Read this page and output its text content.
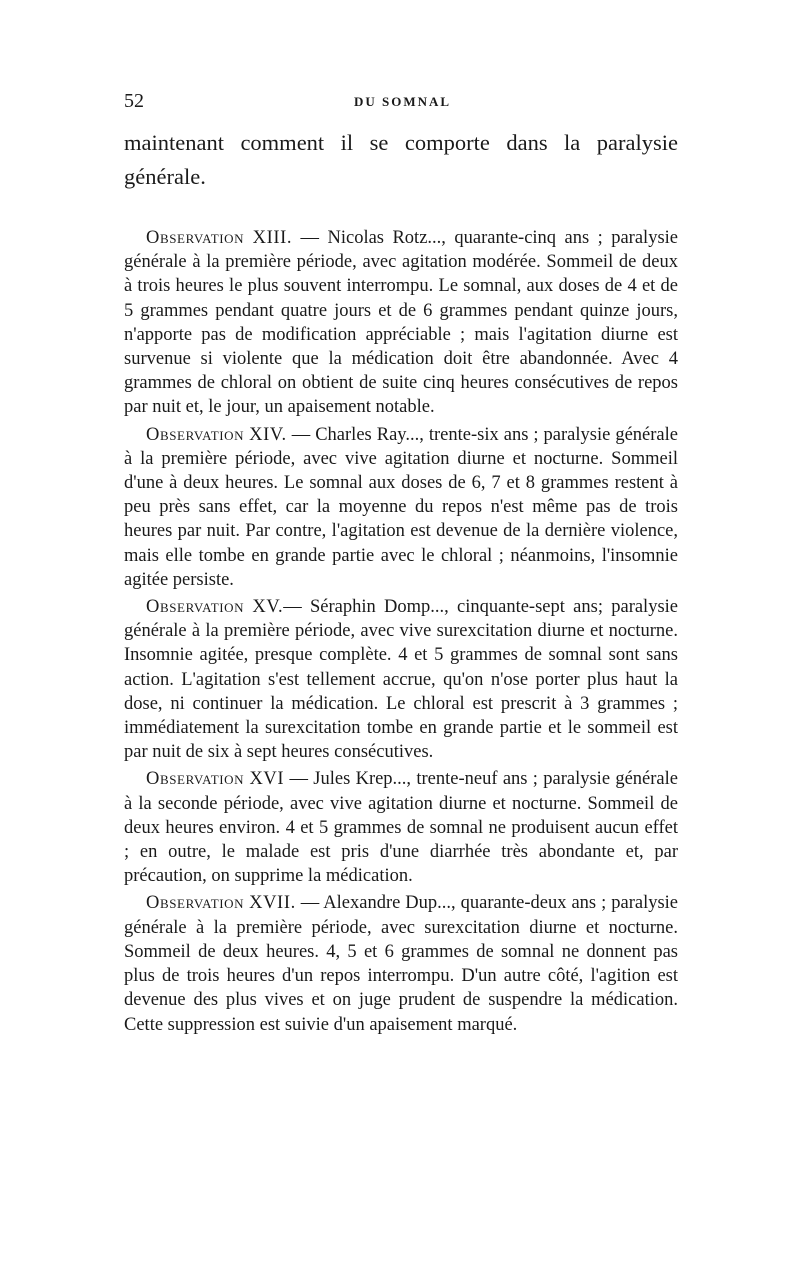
52	DU SOMNAL

maintenant comment il se comporte dans la paralysie générale.

Observation XIII. — Nicolas Rotz..., quarante-cinq ans ; paralysie générale à la première période, avec agitation modérée. Sommeil de deux à trois heures le plus souvent interrompu. Le somnal, aux doses de 4 et de 5 grammes pendant quatre jours et de 6 grammes pendant quinze jours, n'apporte pas de modification appréciable ; mais l'agitation diurne est survenue si violente que la médication doit être abandonnée. Avec 4 grammes de chloral on obtient de suite cinq heures consécutives de repos par nuit et, le jour, un apaisement notable.

Observation XIV. — Charles Ray..., trente-six ans ; paralysie générale à la première période, avec vive agitation diurne et nocturne. Sommeil d'une à deux heures. Le somnal aux doses de 6, 7 et 8 grammes restent à peu près sans effet, car la moyenne du repos n'est même pas de trois heures par nuit. Par contre, l'agitation est devenue de la dernière violence, mais elle tombe en grande partie avec le chloral ; néanmoins, l'insomnie agitée persiste.

Observation XV.— Séraphin Domp..., cinquante-sept ans; paralysie générale à la première période, avec vive surexcitation diurne et nocturne. Insomnie agitée, presque complète. 4 et 5 grammes de somnal sont sans action. L'agitation s'est tellement accrue, qu'on n'ose porter plus haut la dose, ni continuer la médication. Le chloral est prescrit à 3 grammes ; immédiatement la surexcitation tombe en grande partie et le sommeil est par nuit de six à sept heures consécutives.

Observation XVI — Jules Krep..., trente-neuf ans ; paralysie générale à la seconde période, avec vive agitation diurne et nocturne. Sommeil de deux heures environ. 4 et 5 grammes de somnal ne produisent aucun effet ; en outre, le malade est pris d'une diarrhée très abondante et, par précaution, on supprime la médication.

Observation XVII. — Alexandre Dup..., quarante-deux ans ; paralysie générale à la première période, avec surexcitation diurne et nocturne. Sommeil de deux heures. 4, 5 et 6 grammes de somnal ne donnent pas plus de trois heures d'un repos interrompu. D'un autre côté, l'agition est devenue des plus vives et on juge prudent de suspendre la médication. Cette suppression est suivie d'un apaisement marqué.
